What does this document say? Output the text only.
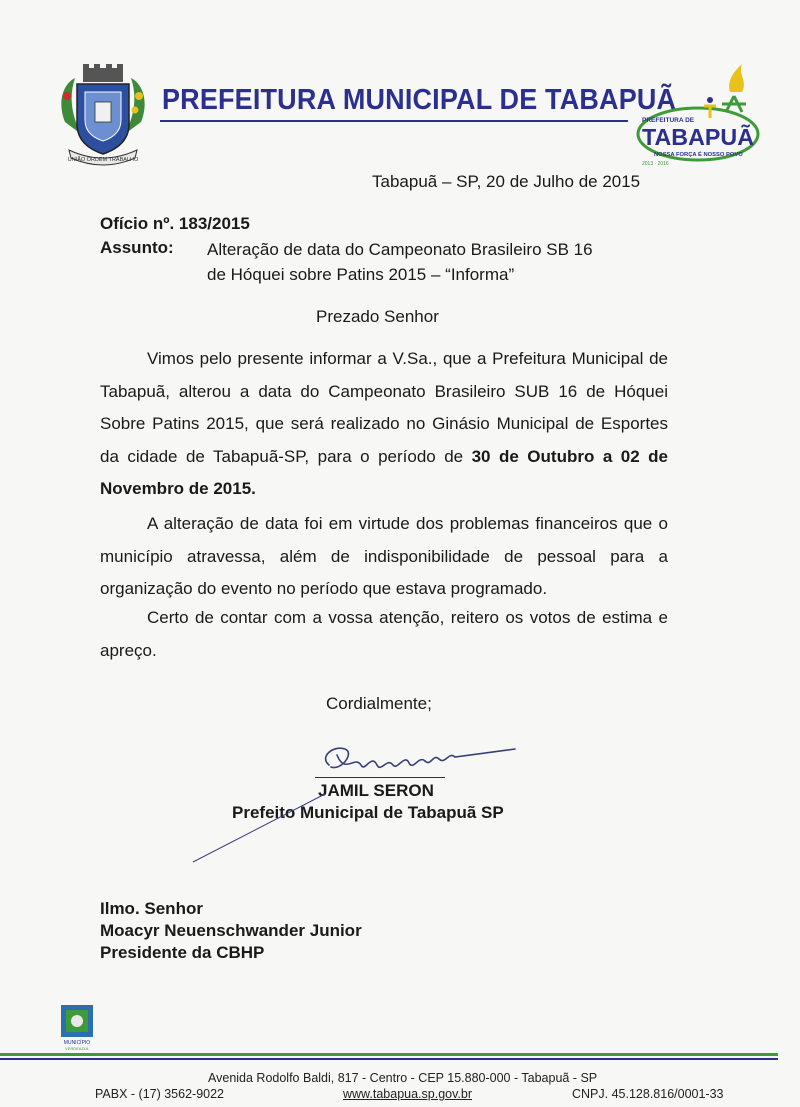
UNIÃO ORDEM TRABALHO
PREFEITURA MUNICIPAL DE TABAPUÃ
PREFEITURA DE
TABAPUÃ
NOSSA FORÇA É NOSSO POVO
2013 · 2016
Tabapuã – SP, 20 de Julho de 2015
Ofício nº. 183/2015
Assunto: Alteração de data do Campeonato Brasileiro SB 16
de Hóquei sobre Patins 2015 – “Informa”
Prezado Senhor

Vimos pelo presente informar a V.Sa., que a Prefeitura Municipal de Tabapuã, alterou a data do Campeonato Brasileiro SUB 16 de Hóquei Sobre Patins 2015, que será realizado no Ginásio Municipal de Esportes da cidade de Tabapuã-SP, para o período de 30 de Outubro a 02 de Novembro de 2015.

A alteração de data foi em virtude dos problemas financeiros que o município atravessa, além de indisponibilidade de pessoal para a organização do evento no período que estava programado.

Certo de contar com a vossa atenção, reitero os votos de estima e apreço.

Cordialmente;
JAMIL SERON
Prefeito Municipal de Tabapuã SP
Ilmo. Senhor
Moacyr Neuenschwander Junior
Presidente da CBHP
MUNICÍPIO
VERDEAZUL
Avenida Rodolfo Baldi, 817 - Centro - CEP 15.880-000 - Tabapuã - SP
PABX - (17) 3562-9022	www.tabapua.sp.gov.br	CNPJ. 45.128.816/0001-33
